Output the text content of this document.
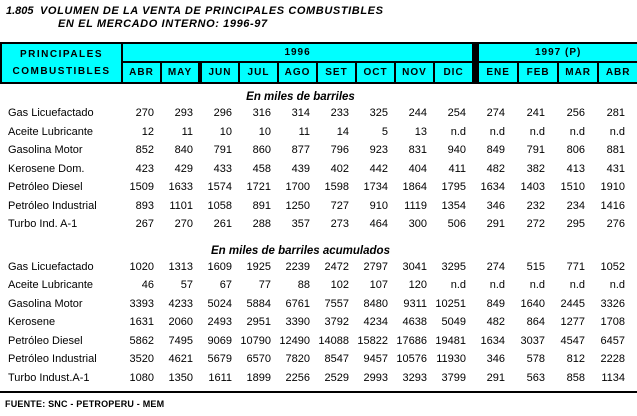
1.805 VOLUMEN DE LA VENTA DE PRINCIPALES COMBUSTIBLES
EN EL MERCADO INTERNO: 1996-97
PRINCIPALES
COMBUSTIBLES	1996										1997 (P)			
	ABR	MAY	JUN	JUL	AGO	SET	OCT	NOV	DIC		ENE	FEB	MAR	ABR
En miles de barriles
Gas Licuefactado	270	293	296	316	314	233	325	244	254	274	241	256	281
Aceite Lubricante	12	11	10	10	11	14	5	13	n.d	n.d	n.d	n.d	n.d
Gasolina Motor	852	840	791	860	877	796	923	831	940	849	791	806	881
Kerosene Dom.	423	429	433	458	439	402	442	404	411	482	382	413	431
Petróleo Diesel	1509	1633	1574	1721	1700	1598	1734	1864	1795	1634	1403	1510	1910
Petróleo Industrial	893	1101	1058	891	1250	727	910	1119	1354	346	232	234	1416
Turbo Ind. A-1	267	270	261	288	357	273	464	300	506	291	272	295	276
En miles de barriles acumulados
Gas Licuefactado	1020	1313	1609	1925	2239	2472	2797	3041	3295	274	515	771	1052
Aceite Lubricante	46	57	67	77	88	102	107	120	n.d	n.d	n.d	n.d	n.d
Gasolina Motor	3393	4233	5024	5884	6761	7557	8480	9311 10251	849	1640	2445	3326
Kerosene	1631	2060	2493	2951	3390	3792	4234	4638	5049	482	864	1277	1708
Petróleo Diesel	5862	7495	9069 10790 12490 14088 15822 17686 19481	1634	3037	4547	6457
Petróleo Industrial	3520	4621	5679	6570	7820	8547	9457 10576 11930	346	578	812	2228
Turbo Indust.A-1	1080	1350	1611	1899	2256	2529	2993	3293	3799	291	563	858	1134
FUENTE: SNC - PETROPERU - MEM
